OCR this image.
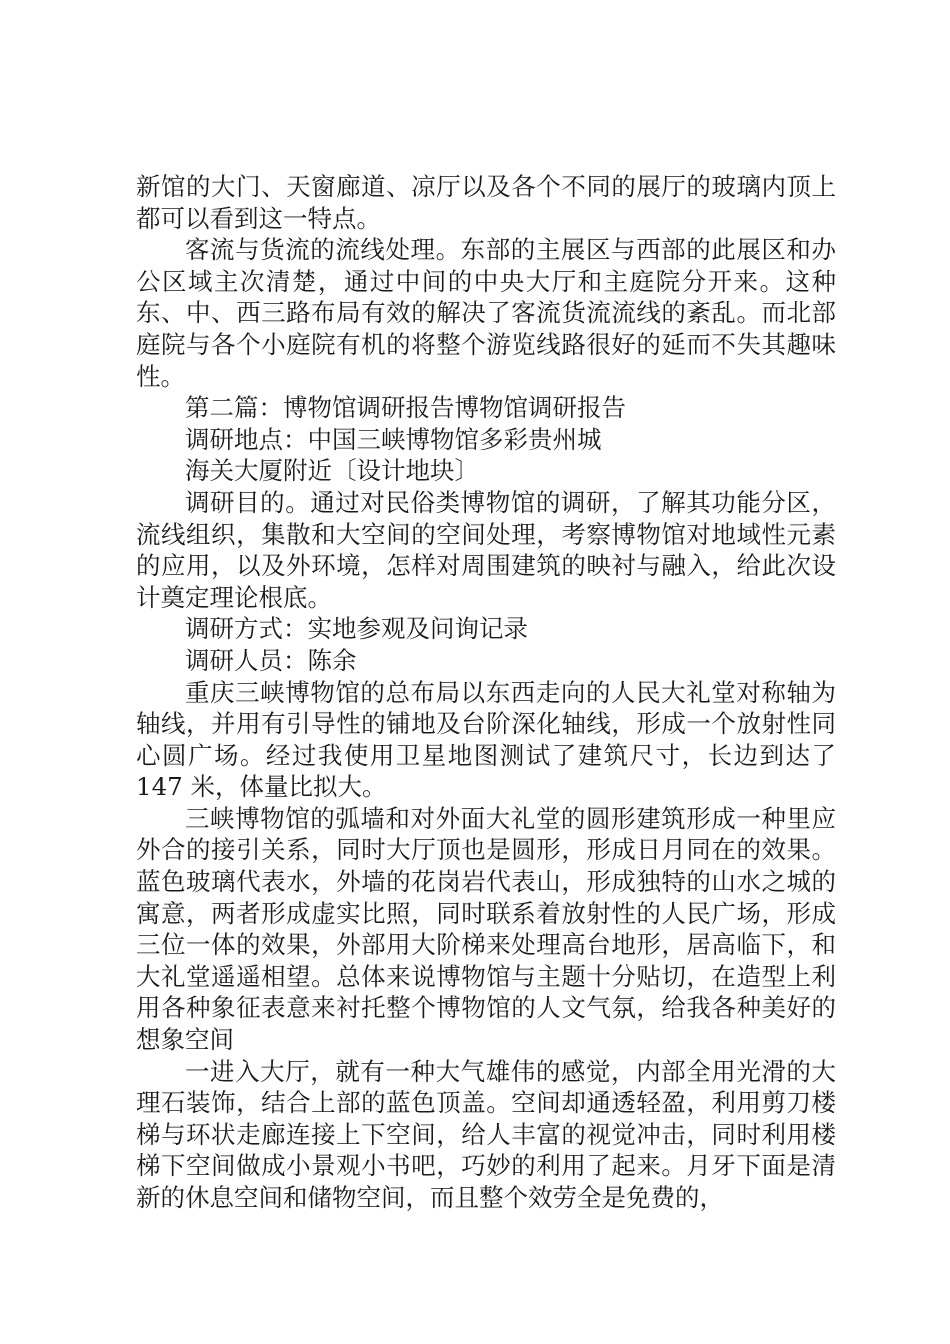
新馆的大门、天窗廊道、凉厅以及各个不同的展厅的玻璃内顶上都可以看到这一特点。

客流与货流的流线处理。东部的主展区与西部的此展区和办公区域主次清楚，通过中间的中央大厅和主庭院分开来。这种东、中、西三路布局有效的解决了客流货流流线的紊乱。而北部庭院与各个小庭院有机的将整个游览线路很好的延而不失其趣味性。

第二篇：博物馆调研报告博物馆调研报告

调研地点：中国三峡博物馆多彩贵州城

海关大厦附近〔设计地块〕

调研目的。通过对民俗类博物馆的调研，了解其功能分区，流线组织，集散和大空间的空间处理，考察博物馆对地域性元素的应用，以及外环境，怎样对周围建筑的映衬与融入，给此次设计奠定理论根底。

调研方式：实地参观及问询记录

调研人员：陈余

重庆三峡博物馆的总布局以东西走向的人民大礼堂对称轴为轴线，并用有引导性的铺地及台阶深化轴线，形成一个放射性同心圆广场。经过我使用卫星地图测试了建筑尺寸，长边到达了 147 米，体量比拟大。

三峡博物馆的弧墙和对外面大礼堂的圆形建筑形成一种里应外合的接引关系，同时大厅顶也是圆形，形成日月同在的效果。蓝色玻璃代表水，外墙的花岗岩代表山，形成独特的山水之城的寓意，两者形成虚实比照，同时联系着放射性的人民广场，形成三位一体的效果，外部用大阶梯来处理高台地形，居高临下，和大礼堂遥遥相望。总体来说博物馆与主题十分贴切，在造型上利用各种象征表意来衬托整个博物馆的人文气氛，给我各种美好的想象空间

一进入大厅，就有一种大气雄伟的感觉，内部全用光滑的大理石装饰，结合上部的蓝色顶盖。空间却通透轻盈，利用剪刀楼梯与环状走廊连接上下空间，给人丰富的视觉冲击，同时利用楼梯下空间做成小景观小书吧，巧妙的利用了起来。月牙下面是清新的休息空间和储物空间，而且整个效劳全是免费的，
